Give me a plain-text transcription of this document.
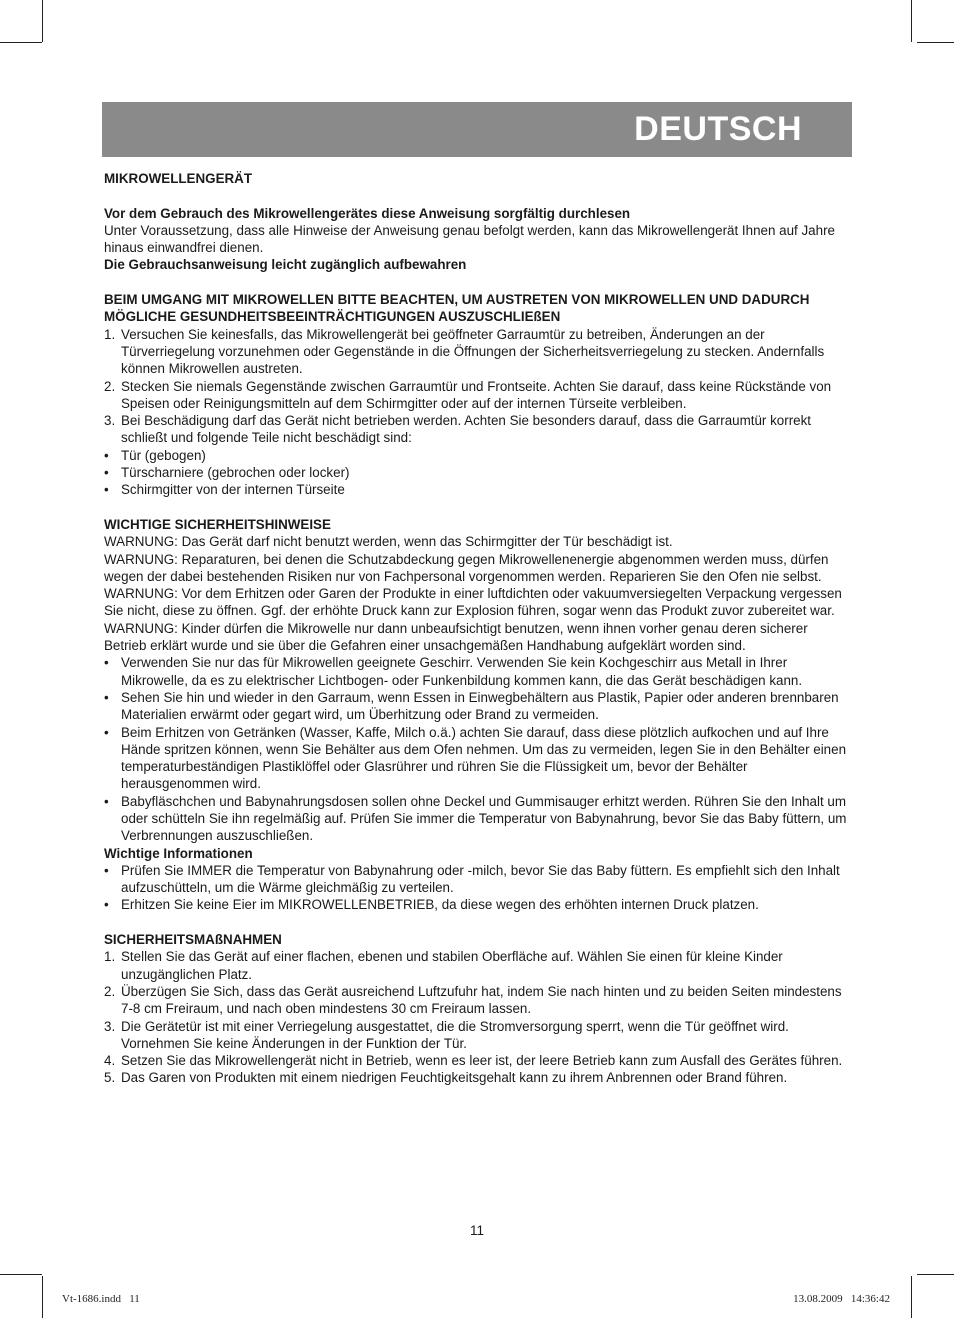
DEUTSCH

MIKROWELLENGERÄT

Vor dem Gebrauch des Mikrowellengerätes diese Anweisung sorgfältig durchlesen

Unter Voraussetzung, dass alle Hinweise der Anweisung genau befolgt werden, kann das Mikrowellengerät Ihnen auf Jahre hinaus einwandfrei dienen.

Die Gebrauchsanweisung leicht zugänglich aufbewahren

BEIM UMGANG MIT MIKROWELLEN BITTE BEACHTEN, UM AUSTRETEN VON MIKROWELLEN UND DADURCH MÖGLICHE GESUNDHEITSBEEINTRÄCHTIGUNGEN AUSZUSCHLIEßEN

1. Versuchen Sie keinesfalls, das Mikrowellengerät bei geöffneter Garraumtür zu betreiben, Änderungen an der Türverriegelung vorzunehmen oder Gegenstände in die Öffnungen der Sicherheitsverriegelung zu stecken. Andernfalls können Mikrowellen austreten.
2. Stecken Sie niemals Gegenstände zwischen Garraumtür und Frontseite. Achten Sie darauf, dass keine Rückstände von Speisen oder Reinigungsmitteln auf dem Schirmgitter oder auf der internen Türseite verbleiben.
3. Bei Beschädigung darf das Gerät nicht betrieben werden. Achten Sie besonders darauf, dass die Garraumtür korrekt schließt und folgende Teile nicht beschädigt sind:
• Tür (gebogen)
• Türscharniere (gebrochen oder locker)
• Schirmgitter von der internen Türseite

WICHTIGE SICHERHEITSHINWEISE

WARNUNG: Das Gerät darf nicht benutzt werden, wenn das Schirmgitter der Tür beschädigt ist.

WARNUNG: Reparaturen, bei denen die Schutzabdeckung gegen Mikrowellenenergie abgenommen werden muss, dürfen wegen der dabei bestehenden Risiken nur von Fachpersonal vorgenommen werden. Reparieren Sie den Ofen nie selbst.

WARNUNG: Vor dem Erhitzen oder Garen der Produkte in einer luftdichten oder vakuumversiegelten Verpackung vergessen Sie nicht, diese zu öffnen. Ggf. der erhöhte Druck kann zur Explosion führen, sogar wenn das Produkt zuvor zubereitet war.

WARNUNG: Kinder dürfen die Mikrowelle nur dann unbeaufsichtigt benutzen, wenn ihnen vorher genau deren sicherer Betrieb erklärt wurde und sie über die Gefahren einer unsachgemäßen Handhabung aufgeklärt worden sind.

• Verwenden Sie nur das für Mikrowellen geeignete Geschirr. Verwenden Sie kein Kochgeschirr aus Metall in Ihrer Mikrowelle, da es zu elektrischer Lichtbogen- oder Funkenbildung kommen kann, die das Gerät beschädigen kann.
• Sehen Sie hin und wieder in den Garraum, wenn Essen in Einwegbehältern aus Plastik, Papier oder anderen brennbaren Materialien erwärmt oder gegart wird, um Überhitzung oder Brand zu vermeiden.
• Beim Erhitzen von Getränken (Wasser, Kaffe, Milch o.ä.) achten Sie darauf, dass diese plötzlich aufkochen und auf Ihre Hände spritzen können, wenn Sie Behälter aus dem Ofen nehmen. Um das zu vermeiden, legen Sie in den Behälter einen temperaturbeständigen Plastiklöffel oder Glasrührer und rühren Sie die Flüssigkeit um, bevor der Behälter herausgenommen wird.
• Babyfläschchen und Babynahrungsdosen sollen ohne Deckel und Gummisauger erhitzt werden. Rühren Sie den Inhalt um oder schütteln Sie ihn regelmäßig auf. Prüfen Sie immer die Temperatur von Babynahrung, bevor Sie das Baby füttern, um Verbrennungen auszuschließen.

Wichtige Informationen

• Prüfen Sie IMMER die Temperatur von Babynahrung oder -milch, bevor Sie das Baby füttern. Es empfiehlt sich den Inhalt aufzuschütteln, um die Wärme gleichmäßig zu verteilen.
• Erhitzen Sie keine Eier im MIKROWELLENBETRIEB, da diese wegen des erhöhten internen Druck platzen.

SICHERHEITSMAßNAHMEN

1. Stellen Sie das Gerät auf einer flachen, ebenen und stabilen Oberfläche auf. Wählen Sie einen für kleine Kinder unzugänglichen Platz.
2. Überzügen Sie Sich, dass das Gerät ausreichend Luftzufuhr hat, indem Sie nach hinten und zu beiden Seiten mindestens 7-8 cm Freiraum, und nach oben mindestens 30 cm Freiraum lassen.
3. Die Gerätetür ist mit einer Verriegelung ausgestattet, die die Stromversorgung sperrt, wenn die Tür geöffnet wird. Vornehmen Sie keine Änderungen in der Funktion der Tür.
4. Setzen Sie das Mikrowellengerät nicht in Betrieb, wenn es leer ist, der leere Betrieb kann zum Ausfall des Gerätes führen.
5. Das Garen von Produkten mit einem niedrigen Feuchtigkeitsgehalt kann zu ihrem Anbrennen oder Brand führen.
11
Vt-1686.indd   11	13.08.2009   14:36:42
